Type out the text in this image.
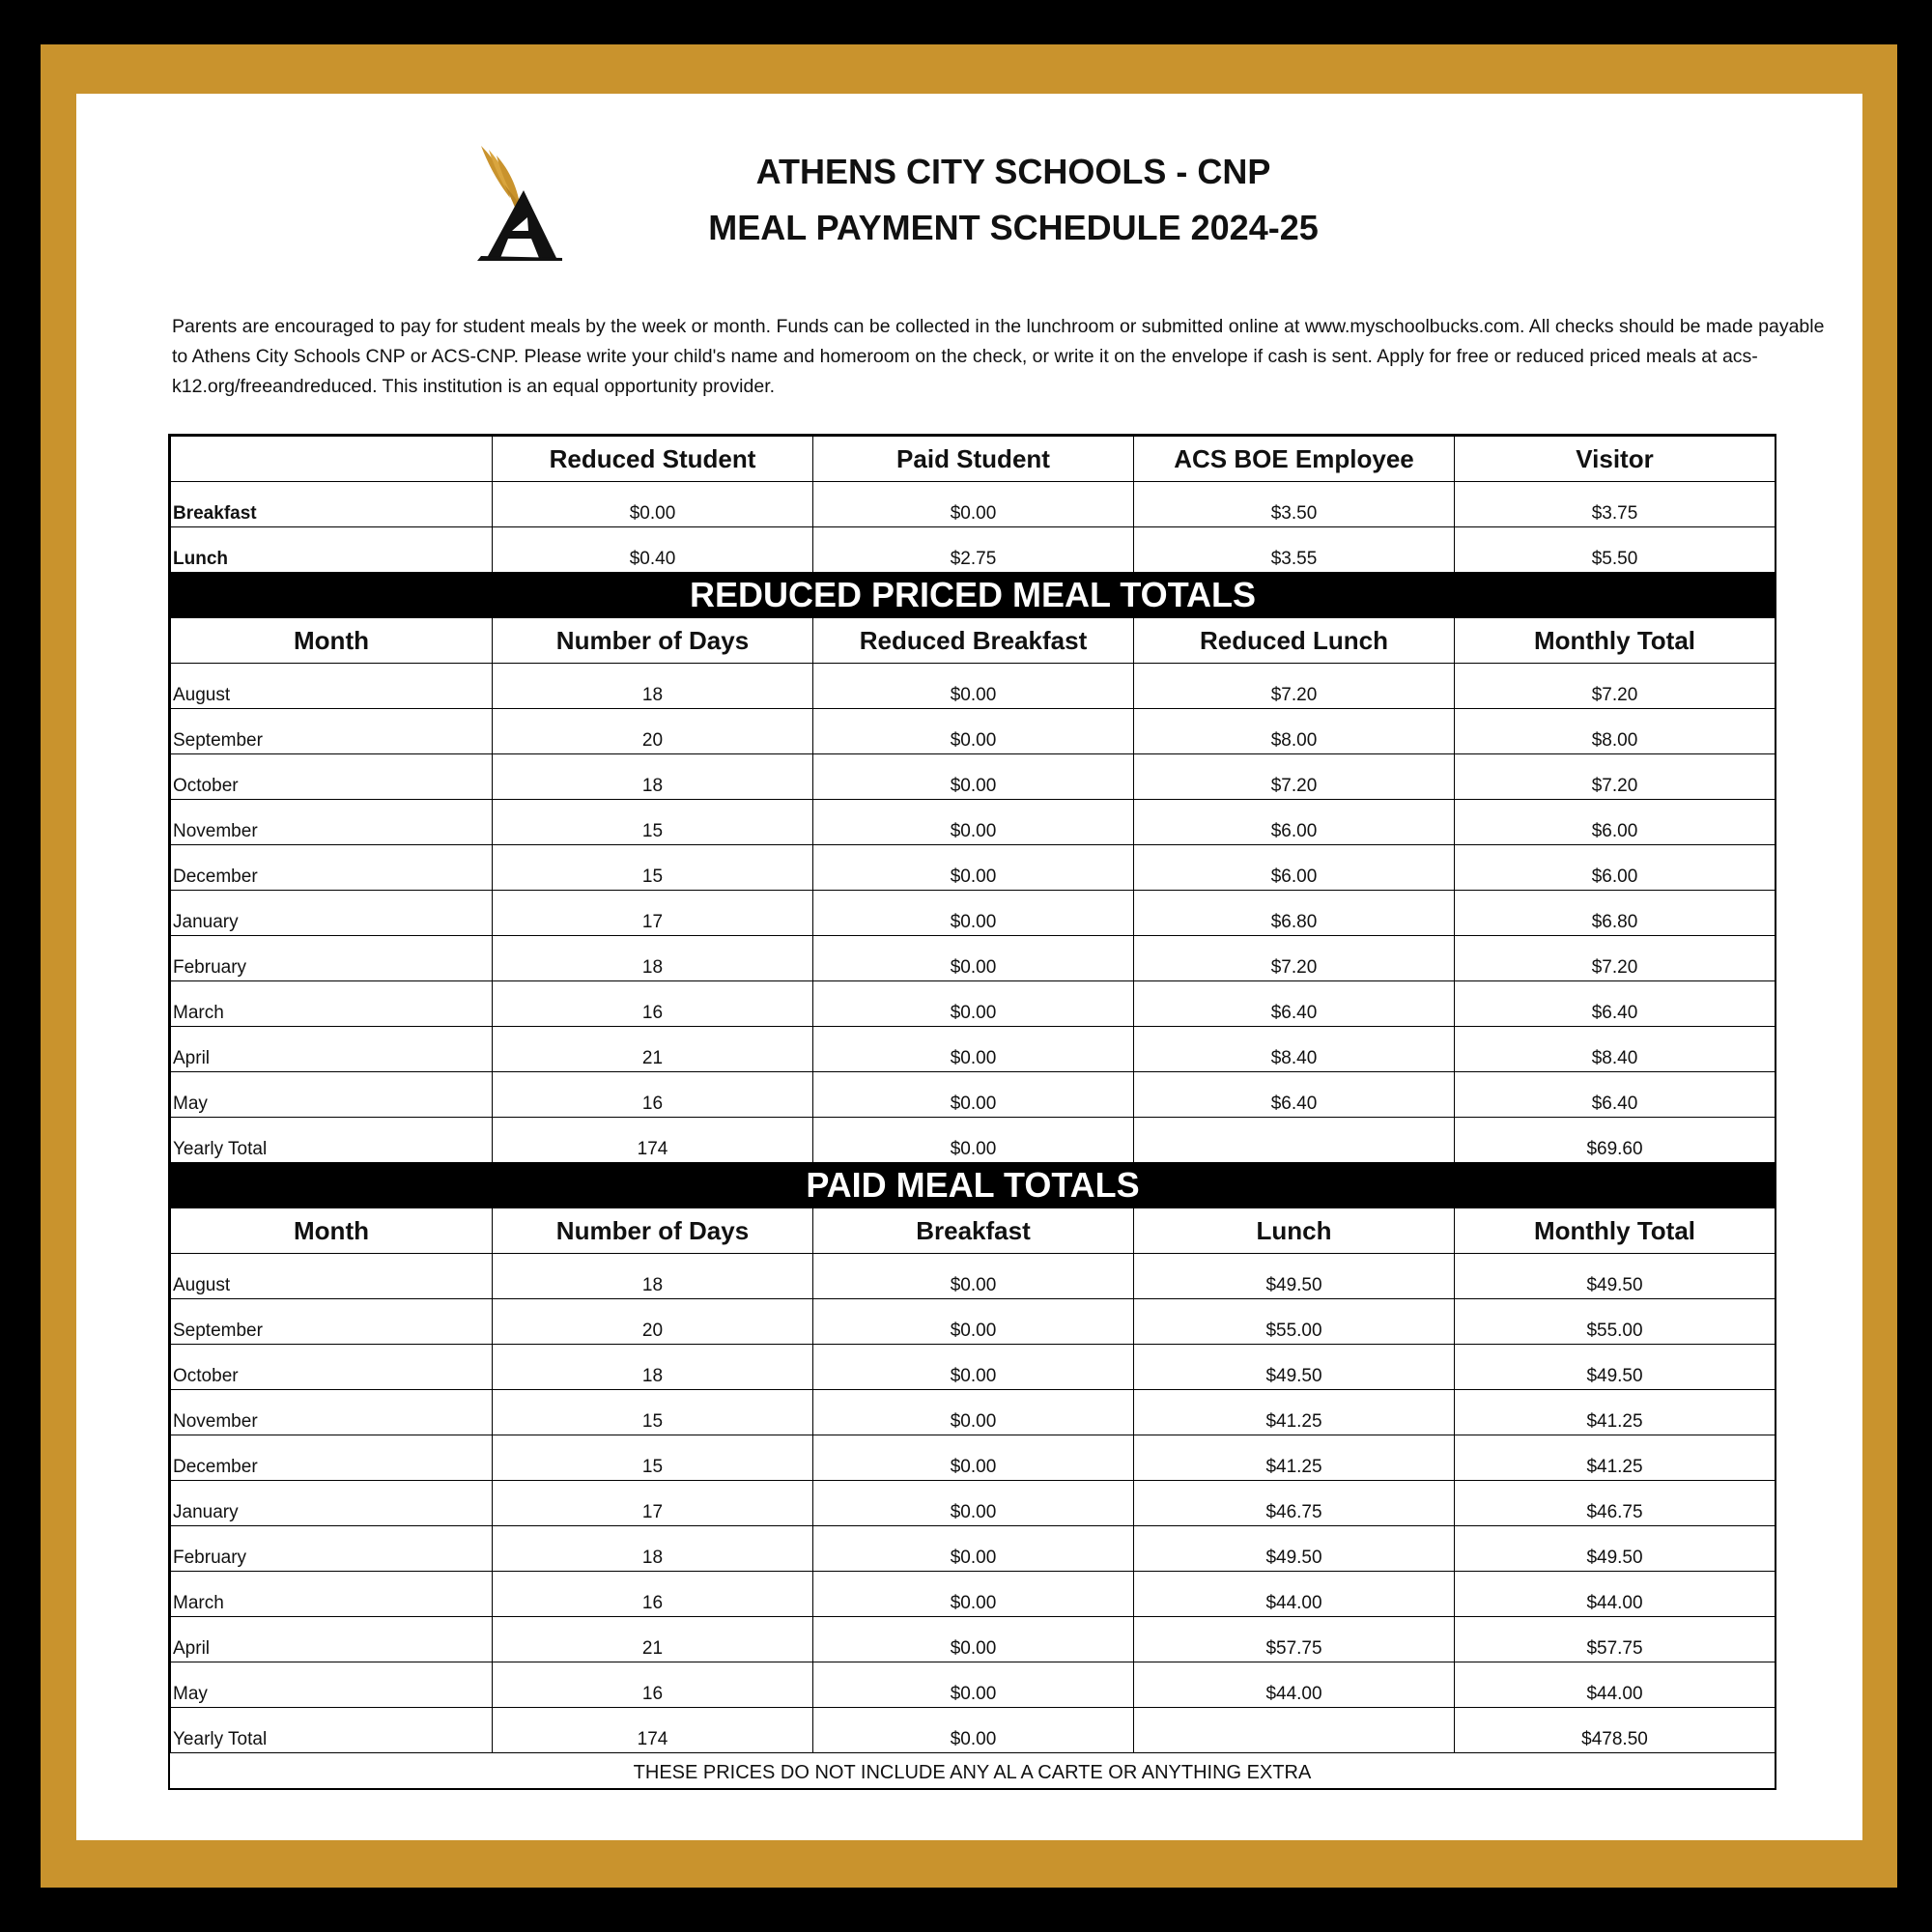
ATHENS CITY SCHOOLS - CNP
MEAL PAYMENT SCHEDULE 2024-25
Parents are encouraged to pay for student meals by the week or month. Funds can be collected in the lunchroom or submitted online at www.myschoolbucks.com. All checks should be made payable to Athens City Schools CNP or ACS-CNP. Please write your child's name and homeroom on the check, or write it on the envelope if cash is sent. Apply for free or reduced priced meals at acs-k12.org/freeandreduced. This institution is an equal opportunity provider.
	Reduced Student	Paid Student	ACS BOE Employee	Visitor
Breakfast	$0.00	$0.00	$3.50	$3.75
Lunch	$0.40	$2.75	$3.55	$5.50
REDUCED PRICED MEAL TOTALS				
Month	Number of Days	Reduced Breakfast	Reduced Lunch	Monthly Total
August	18	$0.00	$7.20	$7.20
September	20	$0.00	$8.00	$8.00
October	18	$0.00	$7.20	$7.20
November	15	$0.00	$6.00	$6.00
December	15	$0.00	$6.00	$6.00
January	17	$0.00	$6.80	$6.80
February	18	$0.00	$7.20	$7.20
March	16	$0.00	$6.40	$6.40
April	21	$0.00	$8.40	$8.40
May	16	$0.00	$6.40	$6.40
Yearly Total	174	$0.00		$69.60
PAID MEAL TOTALS				
Month	Number of Days	Breakfast	Lunch	Monthly Total
August	18	$0.00	$49.50	$49.50
September	20	$0.00	$55.00	$55.00
October	18	$0.00	$49.50	$49.50
November	15	$0.00	$41.25	$41.25
December	15	$0.00	$41.25	$41.25
January	17	$0.00	$46.75	$46.75
February	18	$0.00	$49.50	$49.50
March	16	$0.00	$44.00	$44.00
April	21	$0.00	$57.75	$57.75
May	16	$0.00	$44.00	$44.00
Yearly Total	174	$0.00		$478.50
THESE PRICES DO NOT INCLUDE ANY AL A CARTE OR ANYTHING EXTRA
